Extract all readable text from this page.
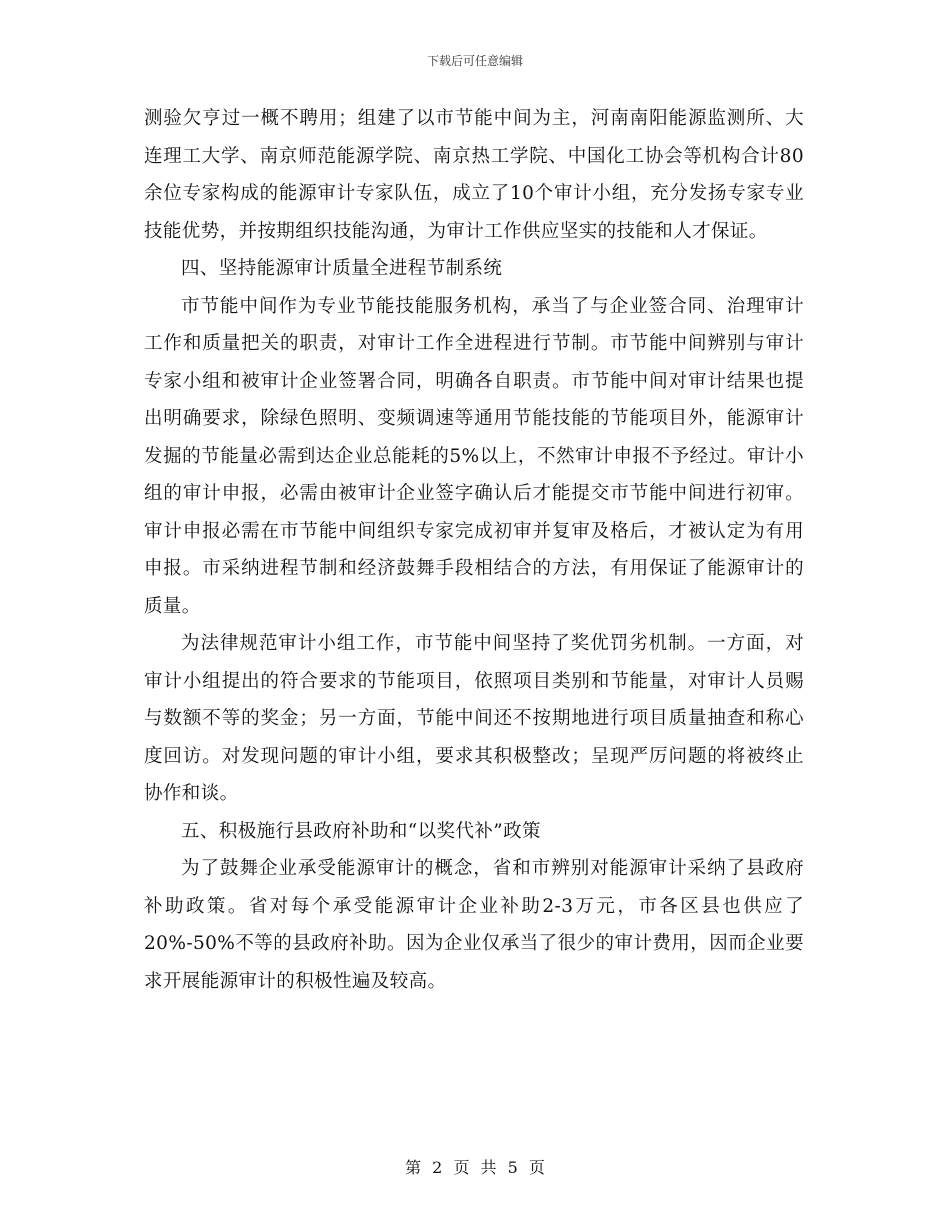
下载后可任意编辑

测验欠亨过一概不聘用；组建了以市节能中间为主，河南南阳能源监测所、大连理工大学、南京师范能源学院、南京热工学院、中国化工协会等机构合计80余位专家构成的能源审计专家队伍，成立了10个审计小组，充分发扬专家专业技能优势，并按期组织技能沟通，为审计工作供应坚实的技能和人才保证。

四、坚持能源审计质量全进程节制系统

市节能中间作为专业节能技能服务机构，承当了与企业签合同、治理审计工作和质量把关的职责，对审计工作全进程进行节制。市节能中间辨别与审计专家小组和被审计企业签署合同，明确各自职责。市节能中间对审计结果也提出明确要求，除绿色照明、变频调速等通用节能技能的节能项目外，能源审计发掘的节能量必需到达企业总能耗的5%以上，不然审计申报不予经过。审计小组的审计申报，必需由被审计企业签字确认后才能提交市节能中间进行初审。审计申报必需在市节能中间组织专家完成初审并复审及格后，才被认定为有用申报。市采纳进程节制和经济鼓舞手段相结合的方法，有用保证了能源审计的质量。

为法律规范审计小组工作，市节能中间坚持了奖优罚劣机制。一方面，对审计小组提出的符合要求的节能项目，依照项目类别和节能量，对审计人员赐与数额不等的奖金；另一方面，节能中间还不按期地进行项目质量抽查和称心度回访。对发现问题的审计小组，要求其积极整改；呈现严厉问题的将被终止协作和谈。

五、积极施行县政府补助和“以奖代补”政策

为了鼓舞企业承受能源审计的概念，省和市辨别对能源审计采纳了县政府补助政策。省对每个承受能源审计企业补助2-3万元，市各区县也供应了20%-50%不等的县政府补助。因为企业仅承当了很少的审计费用，因而企业要求开展能源审计的积极性遍及较高。

第 2 页 共 5 页
